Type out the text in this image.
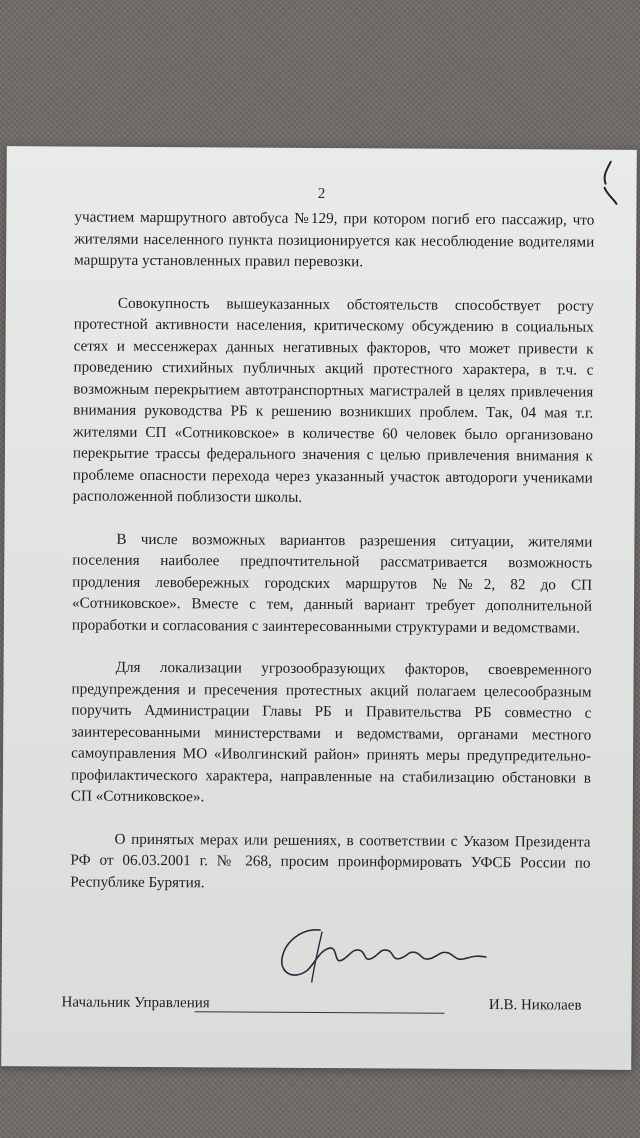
2

участием маршрутного автобуса №129, при котором погиб его пассажир, что жителями населенного пункта позиционируется как несоблюдение водителями маршрута установленных правил перевозки.

Совокупность вышеуказанных обстоятельств способствует росту протестной активности населения, критическому обсуждению в социальных сетях и мессенжерах данных негативных факторов, что может привести к проведению стихийных публичных акций протестного характера, в т.ч. с возможным перекрытием автотранспортных магистралей в целях привлечения внимания руководства РБ к решению возникших проблем. Так, 04 мая т.г. жителями СП «Сотниковское» в количестве 60 человек было организовано перекрытие трассы федерального значения с целью привлечения внимания к проблеме опасности перехода через указанный участок автодороги учениками расположенной поблизости школы.

В числе возможных вариантов разрешения ситуации, жителями поселения наиболее предпочтительной рассматривается возможность продления левобережных городских маршрутов №№2, 82 до СП «Сотниковское». Вместе с тем, данный вариант требует дополнительной проработки и согласования с заинтересованными структурами и ведомствами.

Для локализации угрозообразующих факторов, своевременного предупреждения и пресечения протестных акций полагаем целесообразным поручить Администрации Главы РБ и Правительства РБ совместно с заинтересованными министерствами и ведомствами, органами местного самоуправления МО «Иволгинский район» принять меры предупредительно-профилактического характера, направленные на стабилизацию обстановки в СП «Сотниковское».

О принятых мерах или решениях, в соответствии с Указом Президента РФ от 06.03.2001 г. № 268, просим проинформировать УФСБ России по Республике Бурятия.

Начальник Управления	И.В. Николаев
